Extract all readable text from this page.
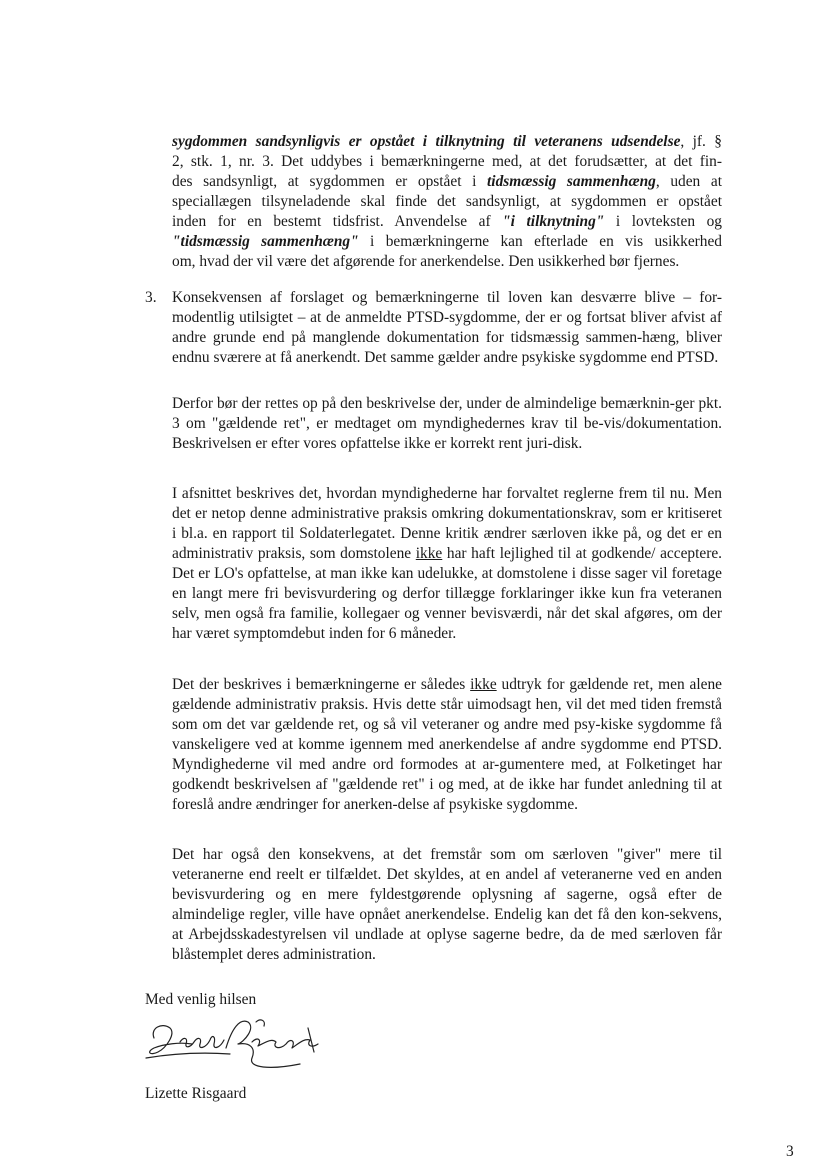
sygdommen sandsynligvis er opstået i tilknytning til veteranens udsendelse, jf. §
2, stk. 1, nr. 3. Det uddybes i bemærkningerne med, at det forudsætter, at det fin-
des sandsynligt, at sygdommen er opstået i tidsmæssig sammenhæng, uden at
speciallægen tilsyneladende skal finde det sandsynligt, at sygdommen er opstået
inden for en bestemt tidsfrist. Anvendelse af "i tilknytning" i lovteksten og
"tidsmæssig sammenhæng" i bemærkningerne kan efterlade en vis usikkerhed
om, hvad der vil være det afgørende for anerkendelse. Den usikkerhed bør fjernes.
3. Konsekvensen af forslaget og bemærkningerne til loven kan desværre blive – for-modentlig utilsigtet – at de anmeldte PTSD-sygdomme, der er og fortsat bliver afvist af andre grunde end på manglende dokumentation for tidsmæssig sammen-hæng, bliver endnu sværere at få anerkendt. Det samme gælder andre psykiske sygdomme end PTSD.
Derfor bør der rettes op på den beskrivelse der, under de almindelige bemærknin-ger pkt. 3 om "gældende ret", er medtaget om myndighedernes krav til be-vis/dokumentation. Beskrivelsen er efter vores opfattelse ikke er korrekt rent juri-disk.
I afsnittet beskrives det, hvordan myndighederne har forvaltet reglerne frem til nu. Men det er netop denne administrative praksis omkring dokumentationskrav, som er kritiseret i bl.a. en rapport til Soldaterlegatet. Denne kritik ændrer særloven ikke på, og det er en administrativ praksis, som domstolene ikke har haft lejlighed til at godkende/ acceptere. Det er LO's opfattelse, at man ikke kan udelukke, at domstolene i disse sager vil foretage en langt mere fri bevisvurdering og derfor tillægge forklaringer ikke kun fra veteranen selv, men også fra familie, kollegaer og venner bevisværdi, når det skal afgøres, om der har været symptomdebut inden for 6 måneder.
Det der beskrives i bemærkningerne er således ikke udtryk for gældende ret, men alene gældende administrativ praksis. Hvis dette står uimodsagt hen, vil det med tiden fremstå som om det var gældende ret, og så vil veteraner og andre med psy-kiske sygdomme få vanskeligere ved at komme igennem med anerkendelse af andre sygdomme end PTSD. Myndighederne vil med andre ord formodes at ar-gumentere med, at Folketinget har godkendt beskrivelsen af "gældende ret" i og med, at de ikke har fundet anledning til at foreslå andre ændringer for anerken-delse af psykiske sygdomme.
Det har også den konsekvens, at det fremstår som om særloven "giver" mere til veteranerne end reelt er tilfældet. Det skyldes, at en andel af veteranerne ved en anden bevisvurdering og en mere fyldestgørende oplysning af sagerne, også efter de almindelige regler, ville have opnået anerkendelse. Endelig kan det få den kon-sekvens, at Arbejdsskadestyrelsen vil undlade at oplyse sagerne bedre, da de med særloven får blåstemplet deres administration.
Med venlig hilsen
Lizette Risgaard
3
